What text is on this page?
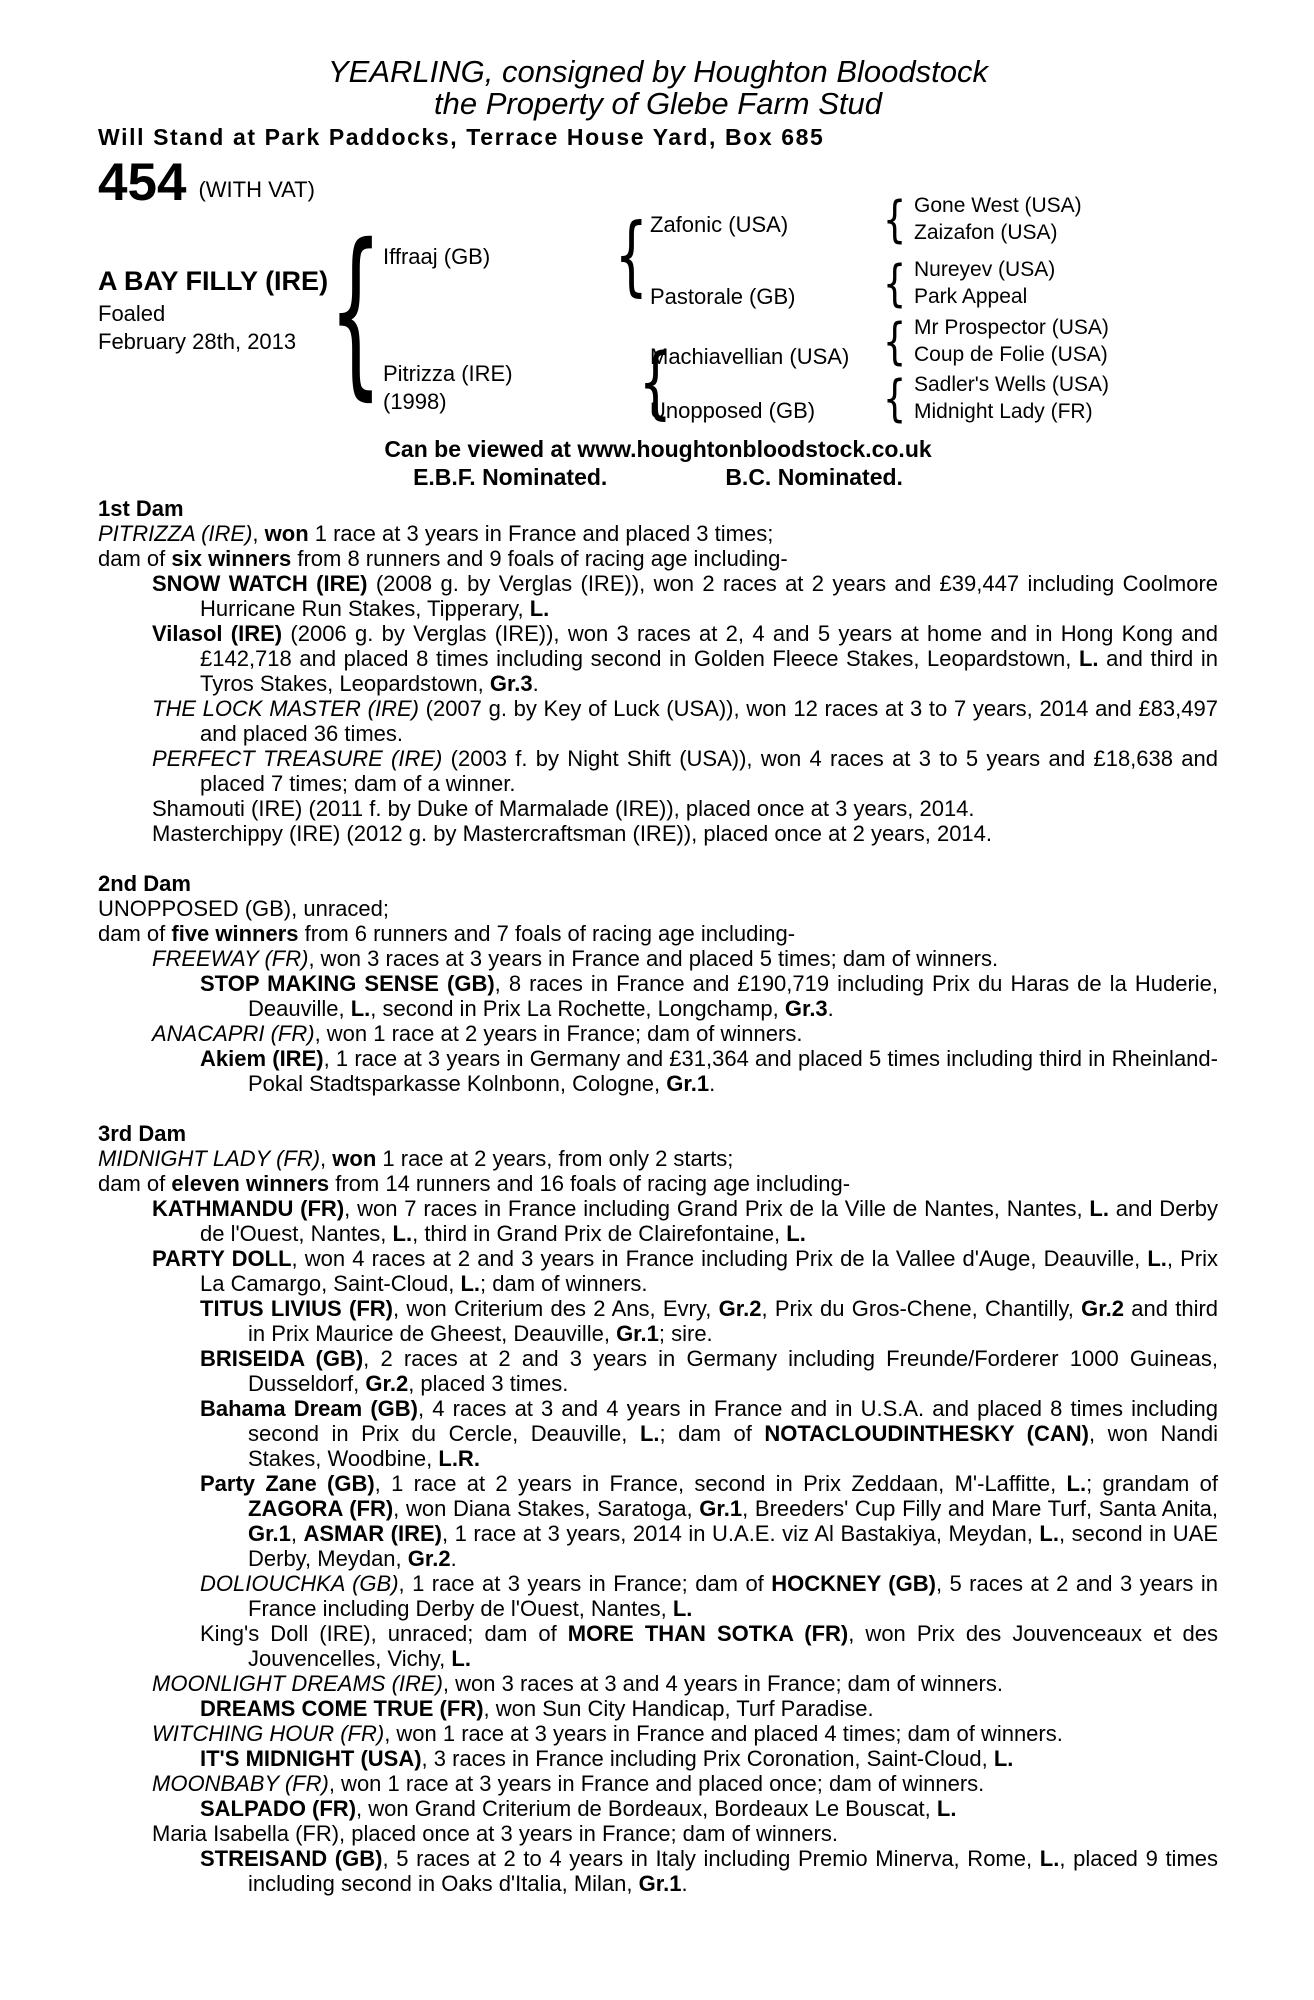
YEARLING, consigned by Houghton Bloodstock
the Property of Glebe Farm Stud
Will Stand at Park Paddocks, Terrace House Yard, Box 685
454 (WITH VAT)
A BAY FILLY (IRE)
Foaled
February 28th, 2013
{
Iffraaj (GB)
Pitrizza (IRE)
(1998)
{
{
Zafonic (USA)
Pastorale (GB)
Machiavellian (USA)
Unopposed (GB)
{
{
{
{
Gone West (USA)
Zaizafon (USA)
Nureyev (USA)
Park Appeal
Mr Prospector (USA)
Coup de Folie (USA)
Sadler's Wells (USA)
Midnight Lady (FR)
Can be viewed at www.houghtonbloodstock.co.uk
E.B.F. Nominated.	B.C. Nominated.
1st Dam
PITRIZZA (IRE), won 1 race at 3 years in France and placed 3 times;
dam of six winners from 8 runners and 9 foals of racing age including-
SNOW WATCH (IRE) (2008 g. by Verglas (IRE)), won 2 races at 2 years and £39,447 including Coolmore Hurricane Run Stakes, Tipperary, L.
Vilasol (IRE) (2006 g. by Verglas (IRE)), won 3 races at 2, 4 and 5 years at home and in Hong Kong and £142,718 and placed 8 times including second in Golden Fleece Stakes, Leopardstown, L. and third in Tyros Stakes, Leopardstown, Gr.3.
THE LOCK MASTER (IRE) (2007 g. by Key of Luck (USA)), won 12 races at 3 to 7 years, 2014 and £83,497 and placed 36 times.
PERFECT TREASURE (IRE) (2003 f. by Night Shift (USA)), won 4 races at 3 to 5 years and £18,638 and placed 7 times; dam of a winner.
Shamouti (IRE) (2011 f. by Duke of Marmalade (IRE)), placed once at 3 years, 2014.
Masterchippy (IRE) (2012 g. by Mastercraftsman (IRE)), placed once at 2 years, 2014.
2nd Dam
UNOPPOSED (GB), unraced;
dam of five winners from 6 runners and 7 foals of racing age including-
FREEWAY (FR), won 3 races at 3 years in France and placed 5 times; dam of winners.
STOP MAKING SENSE (GB), 8 races in France and £190,719 including Prix du Haras de la Huderie, Deauville, L., second in Prix La Rochette, Longchamp, Gr.3.
ANACAPRI (FR), won 1 race at 2 years in France; dam of winners.
Akiem (IRE), 1 race at 3 years in Germany and £31,364 and placed 5 times including third in Rheinland-Pokal Stadtsparkasse Kolnbonn, Cologne, Gr.1.
3rd Dam
MIDNIGHT LADY (FR), won 1 race at 2 years, from only 2 starts;
dam of eleven winners from 14 runners and 16 foals of racing age including-
KATHMANDU (FR), won 7 races in France including Grand Prix de la Ville de Nantes, Nantes, L. and Derby de l'Ouest, Nantes, L., third in Grand Prix de Clairefontaine, L.
PARTY DOLL, won 4 races at 2 and 3 years in France including Prix de la Vallee d'Auge, Deauville, L., Prix La Camargo, Saint-Cloud, L.; dam of winners.
TITUS LIVIUS (FR), won Criterium des 2 Ans, Evry, Gr.2, Prix du Gros-Chene, Chantilly, Gr.2 and third in Prix Maurice de Gheest, Deauville, Gr.1; sire.
BRISEIDA (GB), 2 races at 2 and 3 years in Germany including Freunde/Forderer 1000 Guineas, Dusseldorf, Gr.2, placed 3 times.
Bahama Dream (GB), 4 races at 3 and 4 years in France and in U.S.A. and placed 8 times including second in Prix du Cercle, Deauville, L.; dam of NOTACLOUDINTHESKY (CAN), won Nandi Stakes, Woodbine, L.R.
Party Zane (GB), 1 race at 2 years in France, second in Prix Zeddaan, M'-Laffitte, L.; grandam of ZAGORA (FR), won Diana Stakes, Saratoga, Gr.1, Breeders' Cup Filly and Mare Turf, Santa Anita, Gr.1, ASMAR (IRE), 1 race at 3 years, 2014 in U.A.E. viz Al Bastakiya, Meydan, L., second in UAE Derby, Meydan, Gr.2.
DOLIOUCHKA (GB), 1 race at 3 years in France; dam of HOCKNEY (GB), 5 races at 2 and 3 years in France including Derby de l'Ouest, Nantes, L.
King's Doll (IRE), unraced; dam of MORE THAN SOTKA (FR), won Prix des Jouvenceaux et des Jouvencelles, Vichy, L.
MOONLIGHT DREAMS (IRE), won 3 races at 3 and 4 years in France; dam of winners.
DREAMS COME TRUE (FR), won Sun City Handicap, Turf Paradise.
WITCHING HOUR (FR), won 1 race at 3 years in France and placed 4 times; dam of winners.
IT'S MIDNIGHT (USA), 3 races in France including Prix Coronation, Saint-Cloud, L.
MOONBABY (FR), won 1 race at 3 years in France and placed once; dam of winners.
SALPADO (FR), won Grand Criterium de Bordeaux, Bordeaux Le Bouscat, L.
Maria Isabella (FR), placed once at 3 years in France; dam of winners.
STREISAND (GB), 5 races at 2 to 4 years in Italy including Premio Minerva, Rome, L., placed 9 times including second in Oaks d'Italia, Milan, Gr.1.
